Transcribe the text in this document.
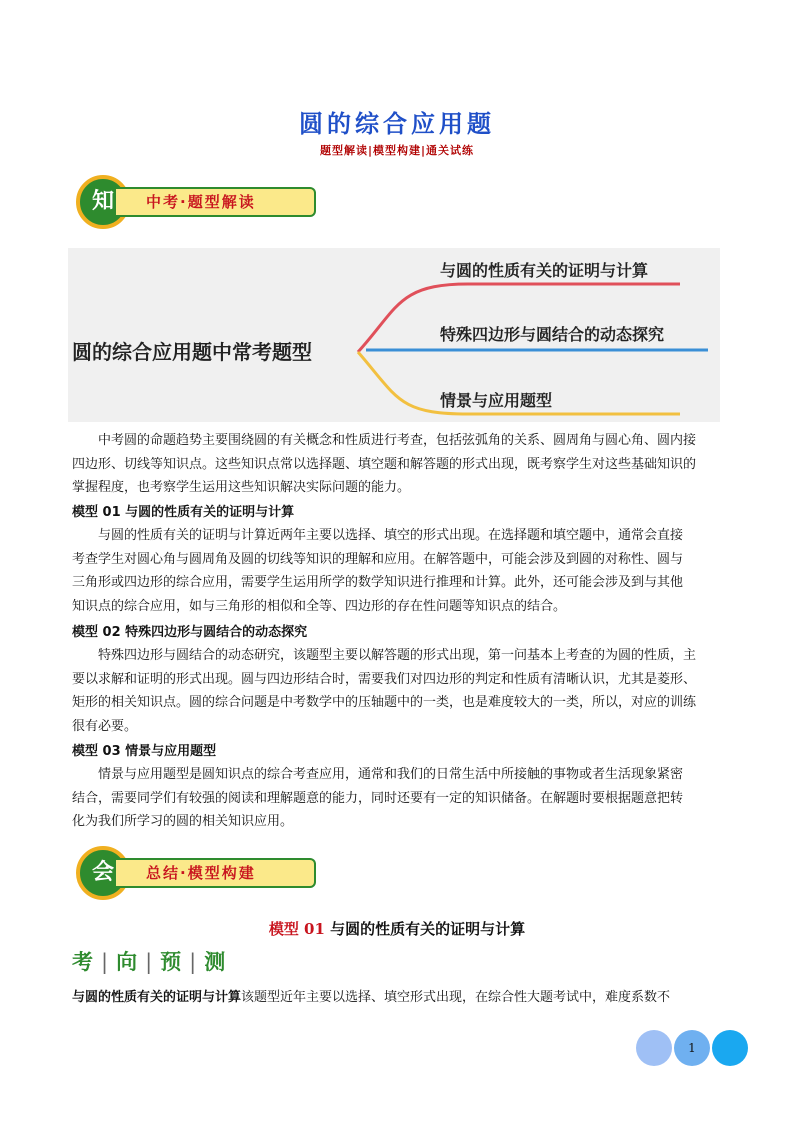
圆的综合应用题
题型解读|模型构建|通关试练
知	中考·题型解读
圆的综合应用题中常考题型
与圆的性质有关的证明与计算
特殊四边形与圆结合的动态探究
情景与应用题型
中考圆的命题趋势主要围绕圆的有关概念和性质进行考查，包括弦弧角的关系、圆周角与圆心角、圆内接
四边形、切线等知识点。这些知识点常以选择题、填空题和解答题的形式出现，既考察学生对这些基础知识的
掌握程度，也考察学生运用这些知识解决实际问题的能力。
模型 01 与圆的性质有关的证明与计算
与圆的性质有关的证明与计算近两年主要以选择、填空的形式出现。在选择题和填空题中，通常会直接
考查学生对圆心角与圆周角及圆的切线等知识的理解和应用。在解答题中，可能会涉及到圆的对称性、圆与
三角形或四边形的综合应用，需要学生运用所学的数学知识进行推理和计算。此外，还可能会涉及到与其他
知识点的综合应用，如与三角形的相似和全等、四边形的存在性问题等知识点的结合。
模型 02 特殊四边形与圆结合的动态探究
特殊四边形与圆结合的动态研究，该题型主要以解答题的形式出现，第一问基本上考查的为圆的性质，主
要以求解和证明的形式出现。圆与四边形结合时，需要我们对四边形的判定和性质有清晰认识，尤其是菱形、
矩形的相关知识点。圆的综合问题是中考数学中的压轴题中的一类，也是难度较大的一类，所以，对应的训练
很有必要。
模型 03 情景与应用题型
情景与应用题型是圆知识点的综合考查应用，通常和我们的日常生活中所接触的事物或者生活现象紧密
结合，需要同学们有较强的阅读和理解题意的能力，同时还要有一定的知识储备。在解题时要根据题意把转
化为我们所学习的圆的相关知识应用。
会	总结·模型构建
模型 01 与圆的性质有关的证明与计算
考 | 向 | 预 | 测
与圆的性质有关的证明与计算该题型近年主要以选择、填空形式出现，在综合性大题考试中，难度系数不
1
